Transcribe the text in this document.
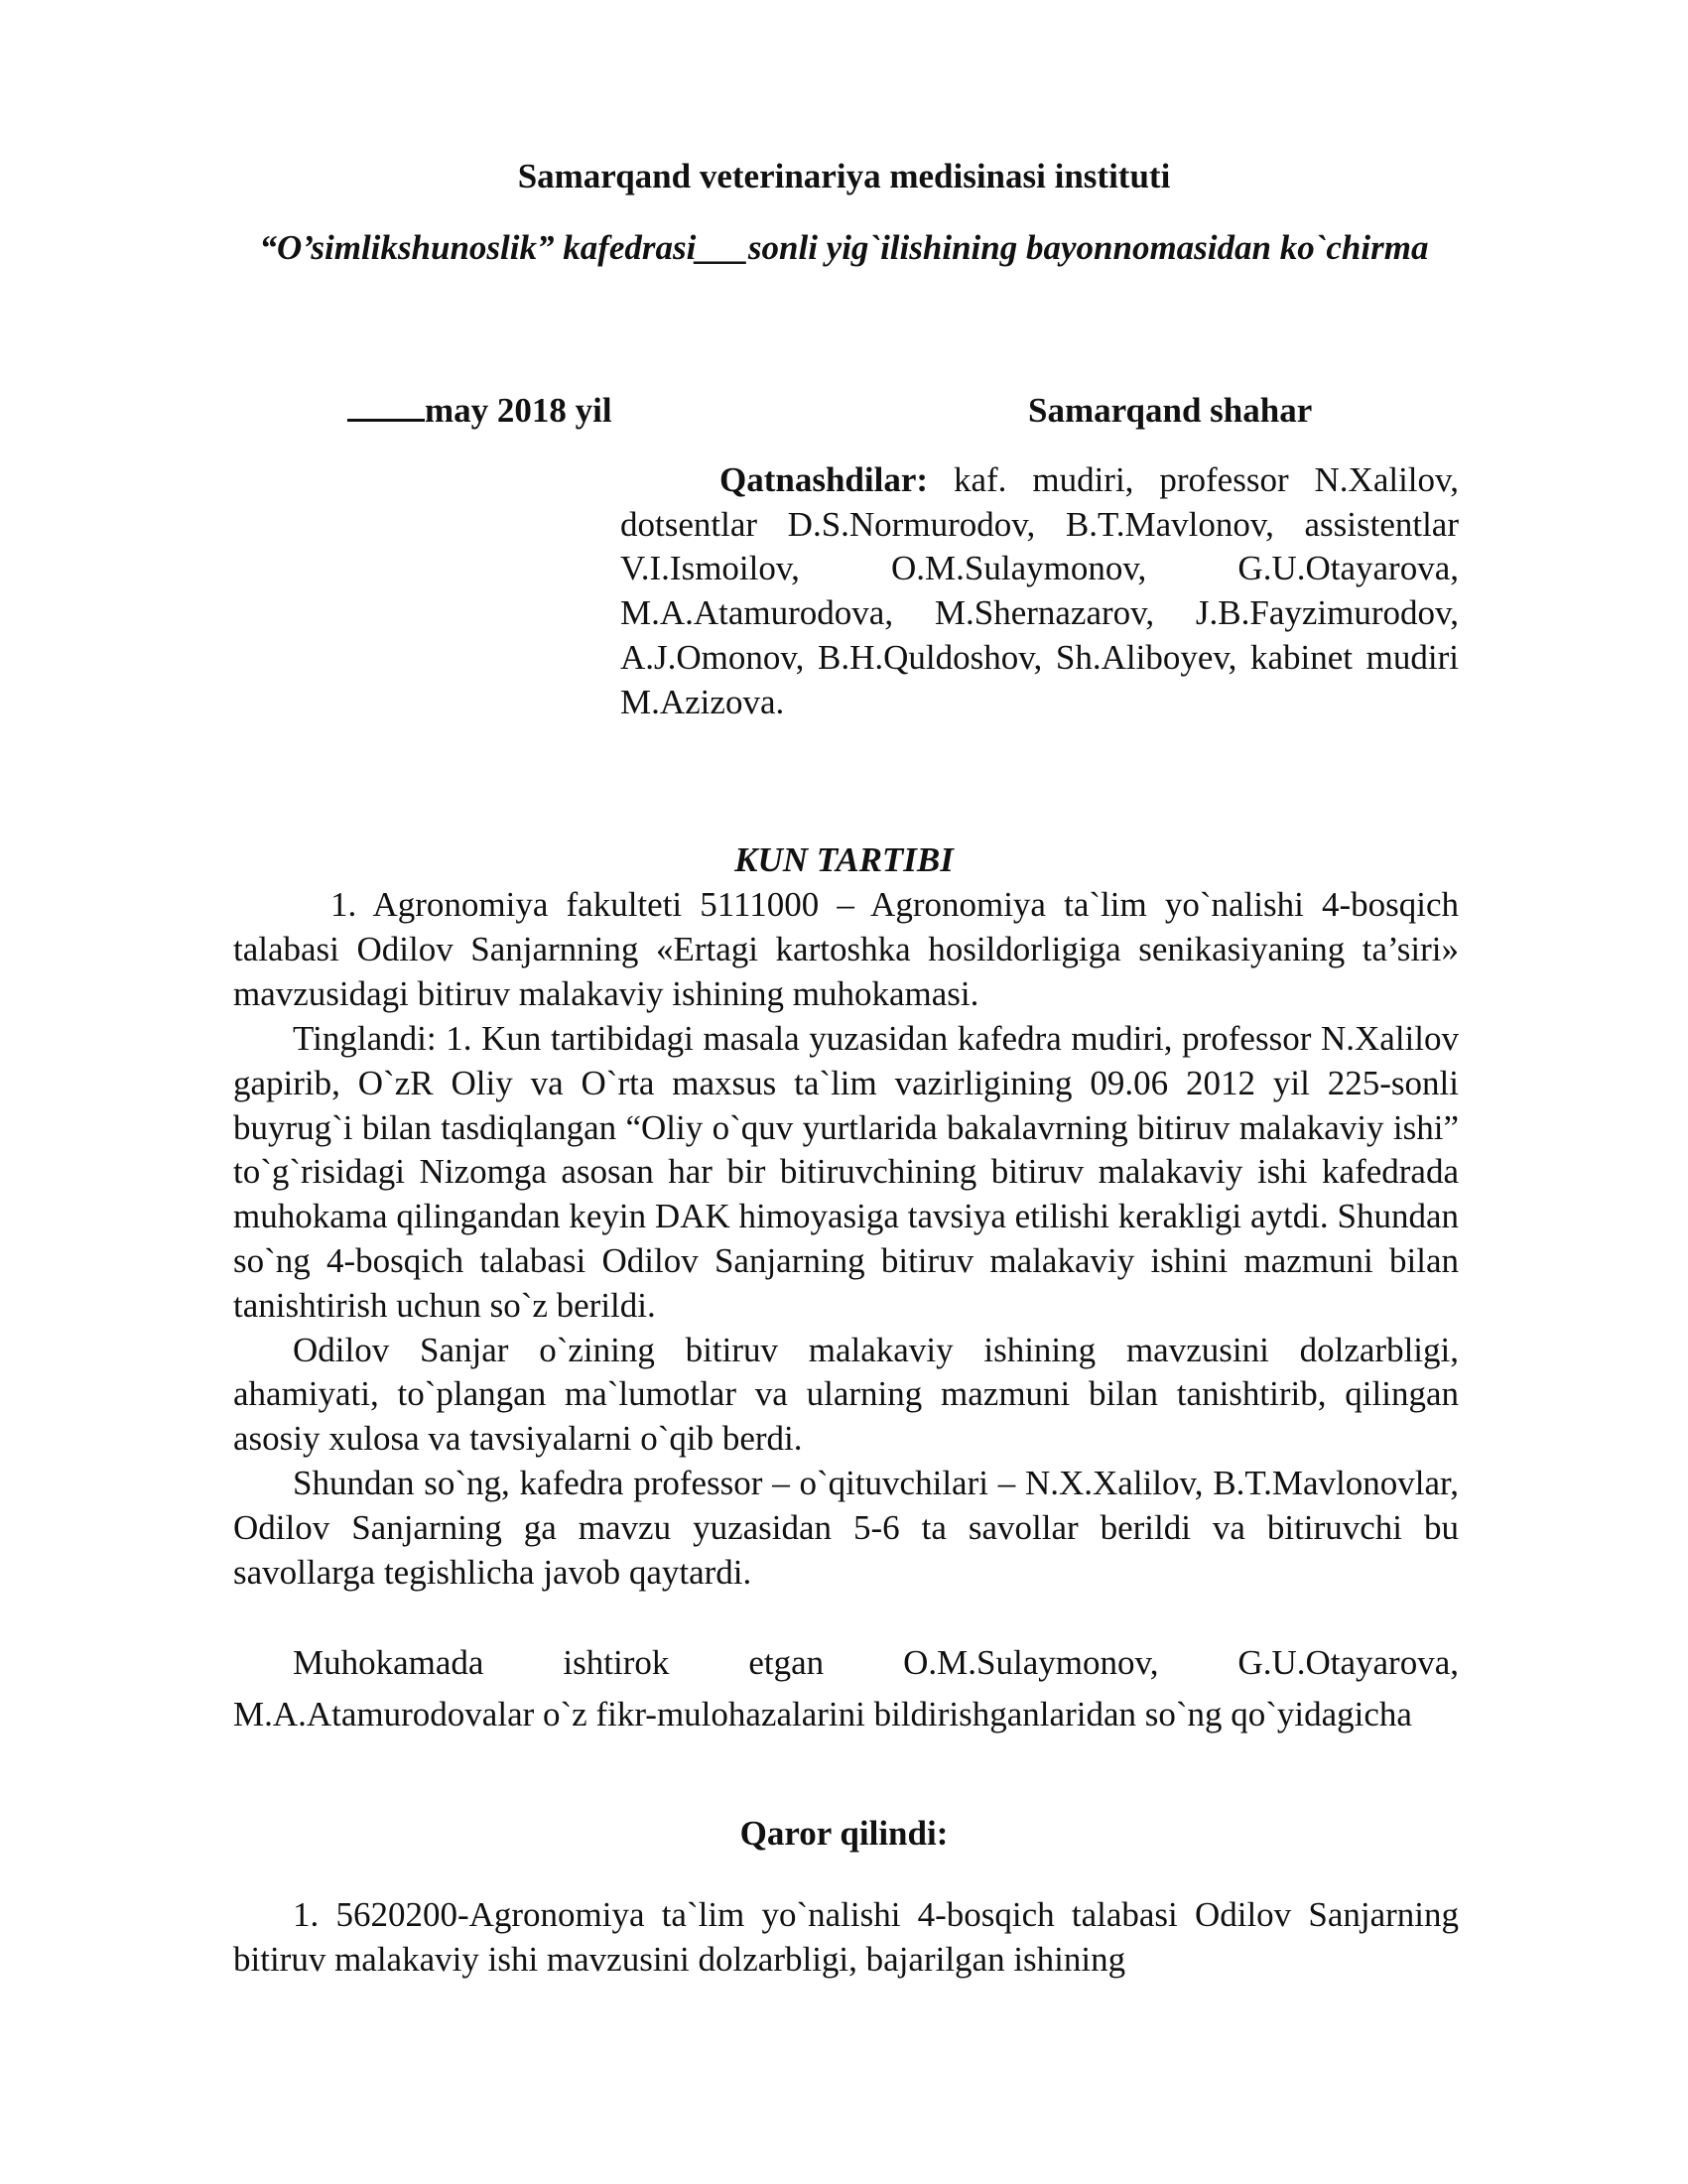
Samarqand veterinariya medisinasi instituti
“O’simlikshunoslik” kafedrasi___sonli yig`ilishining bayonnomasidan ko`chirma
may 2018 yil	Samarqand shahar
Qatnashdilar: kaf. mudiri, professor N.Xalilov, dotsentlar D.S.Normurodov, B.T.Mavlonov, assistentlar V.I.Ismoilov, O.M.Sulaymonov, G.U.Otayarova, M.A.Atamurodova, M.Shernazarov, J.B.Fayzimurodov, A.J.Omonov, B.H.Quldoshov, Sh.Aliboyev, kabinet mudiri M.Azizova.
KUN TARTIBI
1. Agronomiya fakulteti 5111000 – Agronomiya ta`lim yo`nalishi 4-bosqich talabasi Odilov Sanjarnning «Ertagi kartoshka hosildorligiga senikasiyaning ta’siri» mavzusidagi bitiruv malakaviy ishining muhokamasi.

Tinglandi: 1. Kun tartibidagi masala yuzasidan kafedra mudiri, professor N.Xalilov gapirib, O`zR Oliy va O`rta maxsus ta`lim vazirligining 09.06 2012 yil 225-sonli buyrug`i bilan tasdiqlangan “Oliy o`quv yurtlarida bakalavrning bitiruv malakaviy ishi” to`g`risidagi Nizomga asosan har bir bitiruvchining bitiruv malakaviy ishi kafedrada muhokama qilingandan keyin DAK himoyasiga tavsiya etilishi kerakligi aytdi. Shundan so`ng 4-bosqich talabasi Odilov Sanjarning bitiruv malakaviy ishini mazmuni bilan tanishtirish uchun so`z berildi.

Odilov Sanjar o`zining bitiruv malakaviy ishining mavzusini dolzarbligi, ahamiyati, to`plangan ma`lumotlar va ularning mazmuni bilan tanishtirib, qilingan asosiy xulosa va tavsiyalarni o`qib berdi.

Shundan so`ng, kafedra professor – o`qituvchilari – N.X.Xalilov, B.T.Mavlonovlar, Odilov Sanjarning ga mavzu yuzasidan 5-6 ta savollar berildi va bitiruvchi bu savollarga tegishlicha javob qaytardi.

Muhokamada ishtirok etgan O.M.Sulaymonov, G.U.Otayarova, M.A.Atamurodovalar o`z fikr-mulohazalarini bildirishganlaridan so`ng qo`yidagicha
Qaror qilindi:
1. 5620200-Agronomiya ta`lim yo`nalishi 4-bosqich talabasi Odilov Sanjarning bitiruv malakaviy ishi mavzusini dolzarbligi, bajarilgan ishining
